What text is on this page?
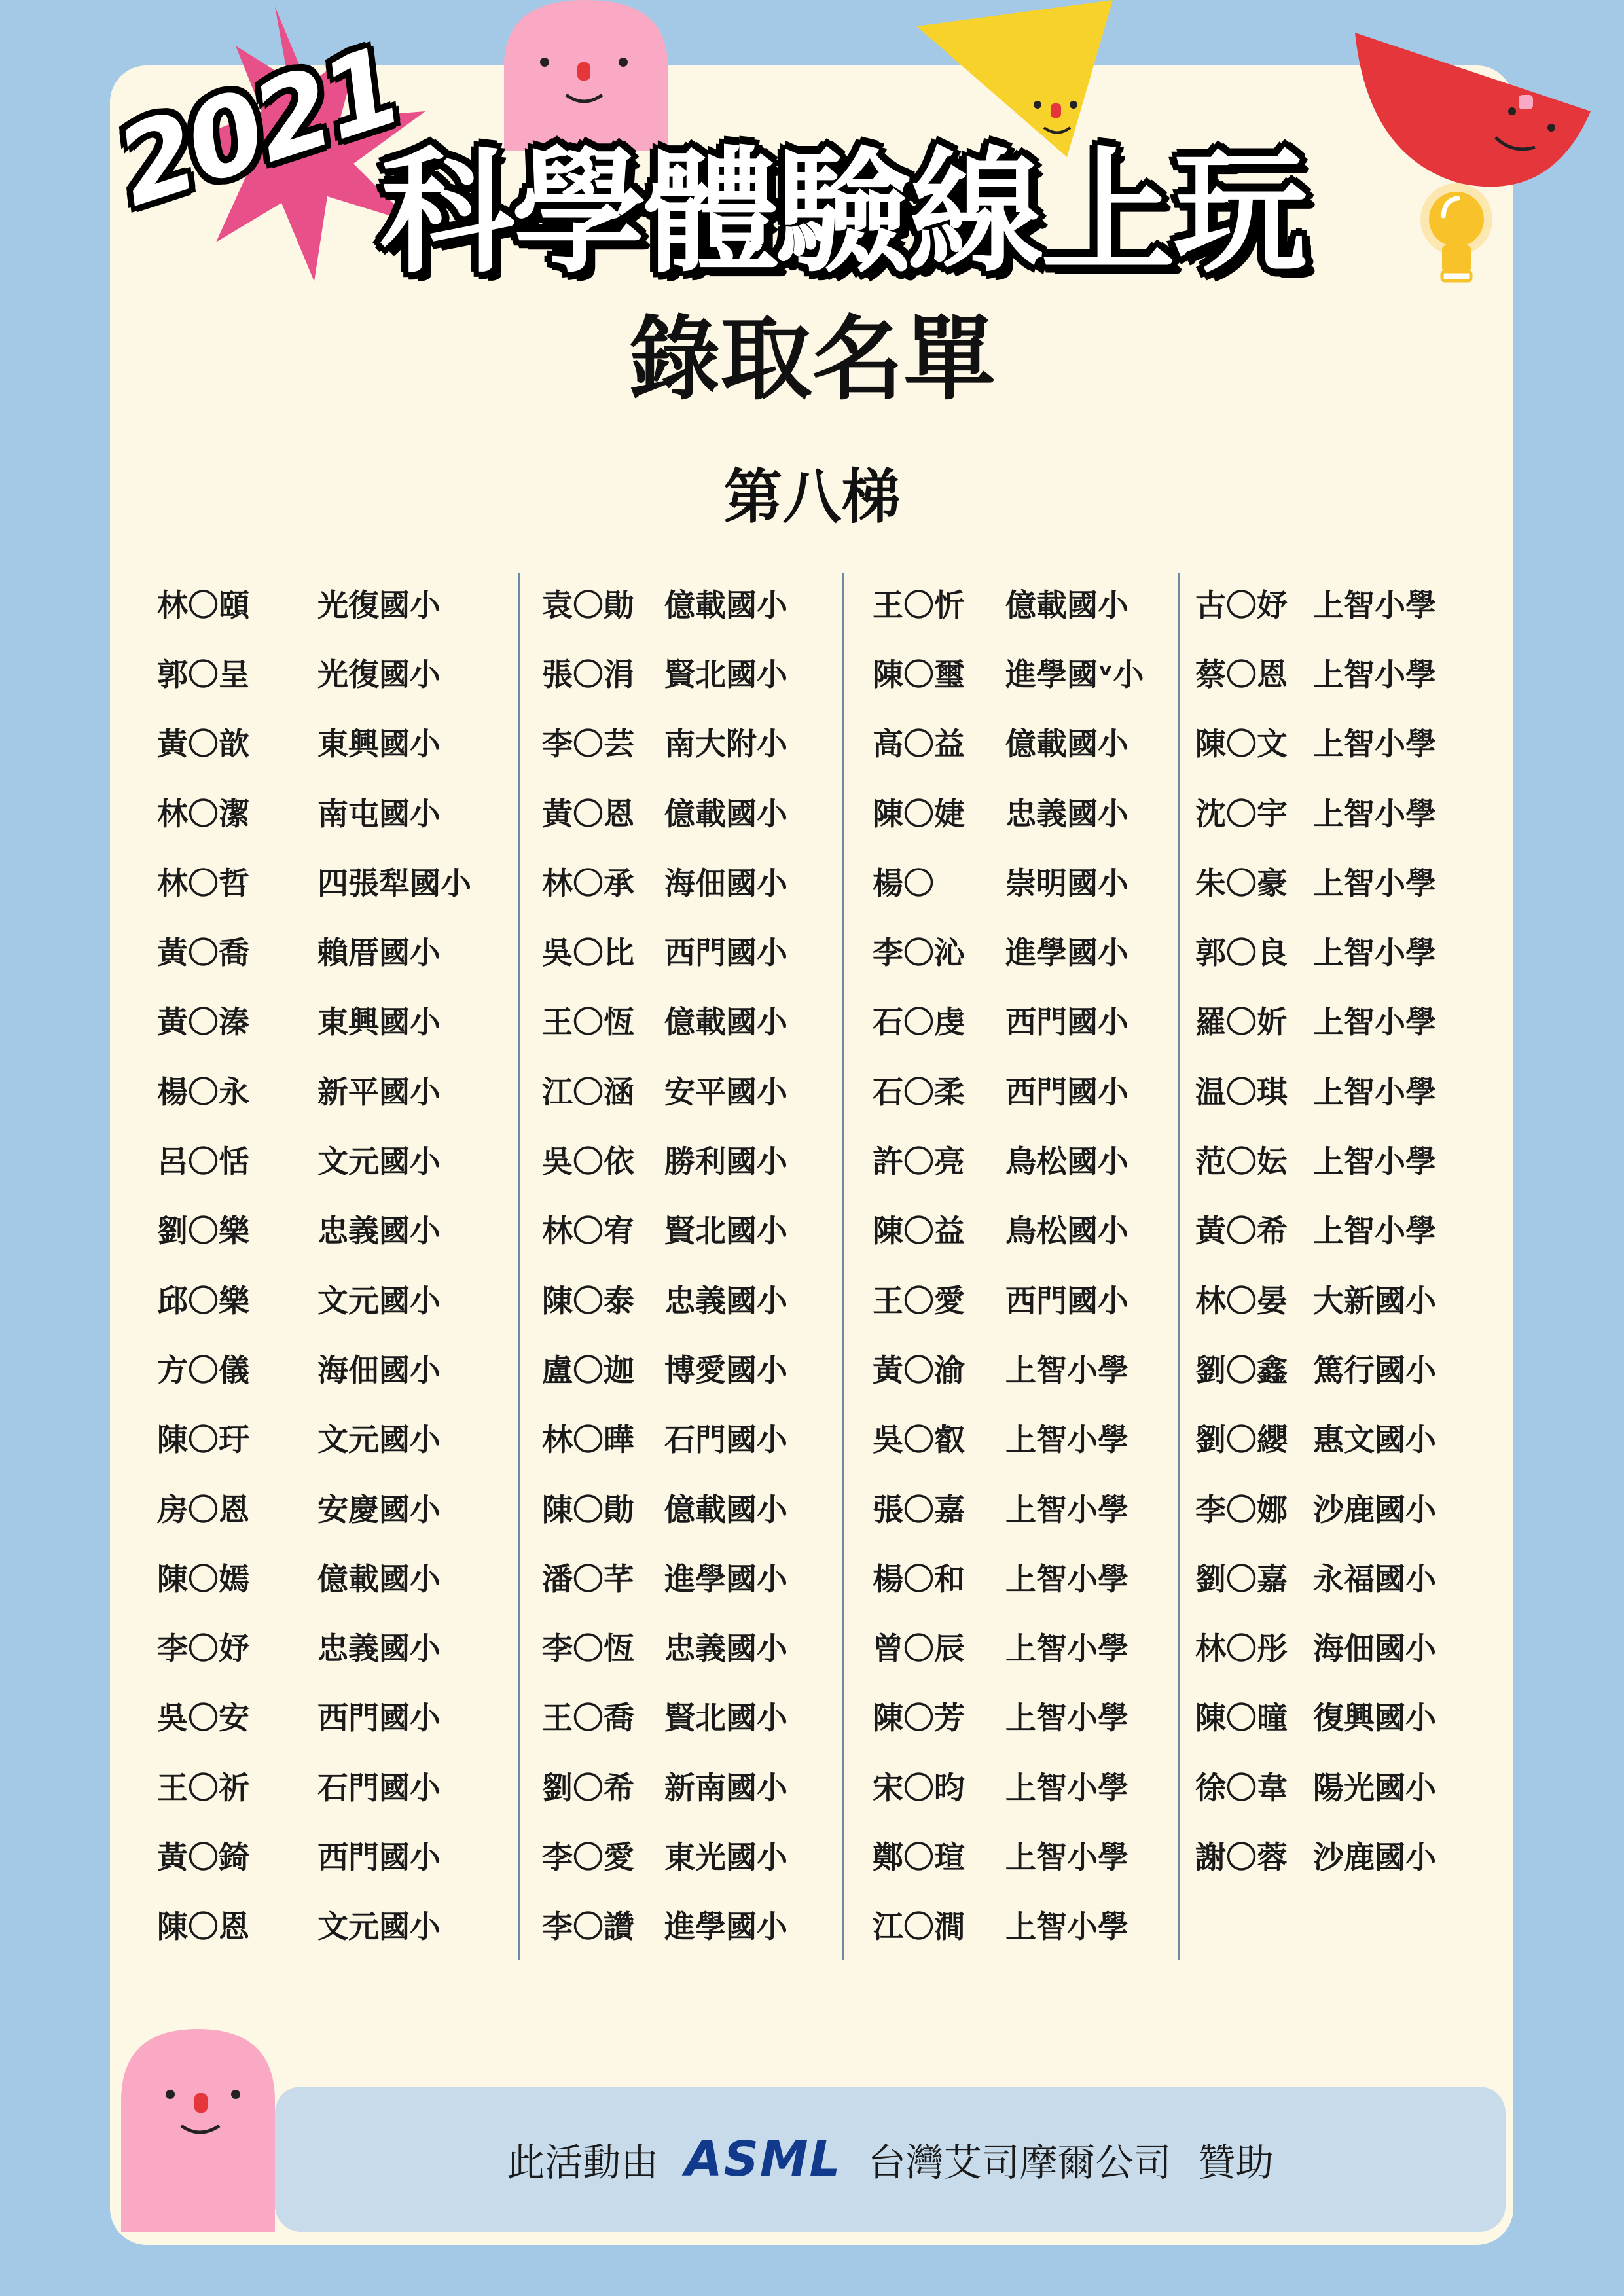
2021
科學體驗線上玩
錄取名單
第八梯
林〇頤	光復國小
郭〇呈	光復國小
黃〇歆	東興國小
林〇潔	南屯國小
林〇哲	四張犁國小
黃〇喬	賴厝國小
黃〇溱	東興國小
楊〇永	新平國小
呂〇恬	文元國小
劉〇樂	忠義國小
邱〇樂	文元國小
方〇儀	海佃國小
陳〇玗	文元國小
房〇恩	安慶國小
陳〇嫣	億載國小
李〇妤	忠義國小
吳〇安	西門國小
王〇祈	石門國小
黃〇錡	西門國小
陳〇恩	文元國小
袁〇勛 億載國小
張〇涓 賢北國小
李〇芸 南大附小
黃〇恩 億載國小
林〇承 海佃國小
吳〇比 西門國小
王〇恆 億載國小
江〇涵 安平國小
吳〇依 勝利國小
林〇宥 賢北國小
陳〇泰 忠義國小
盧〇迦 博愛國小
林〇曄 石門國小
陳〇勛 億載國小
潘〇芊 進學國小
李〇恆 忠義國小
王〇喬 賢北國小
劉〇希 新南國小
李〇愛 東光國小
李〇讚 進學國小
王〇忻	億載國小
陳〇璽	進學國ᵛ小
高〇益	億載國小
陳〇婕	忠義國小
楊〇	崇明國小
李〇沁	進學國小
石〇虔	西門國小
石〇柔	西門國小
許〇亮	鳥松國小
陳〇益	鳥松國小
王〇愛	西門國小
黃〇渝	上智小學
吳〇叡	上智小學
張〇嘉	上智小學
楊〇和	上智小學
曾〇辰	上智小學
陳〇芳	上智小學
宋〇昀	上智小學
鄭〇瑄	上智小學
江〇澗	上智小學
古〇妤 上智小學
蔡〇恩 上智小學
陳〇文 上智小學
沈〇宇 上智小學
朱〇豪 上智小學
郭〇良 上智小學
羅〇妡 上智小學
温〇琪 上智小學
范〇妘 上智小學
黃〇希 上智小學
林〇晏 大新國小
劉〇鑫 篤行國小
劉〇纓 惠文國小
李〇娜 沙鹿國小
劉〇嘉 永福國小
林〇彤 海佃國小
陳〇曈 復興國小
徐〇韋 陽光國小
謝〇蓉 沙鹿國小
此活動由 ASML 台灣艾司摩爾公司 贊助
